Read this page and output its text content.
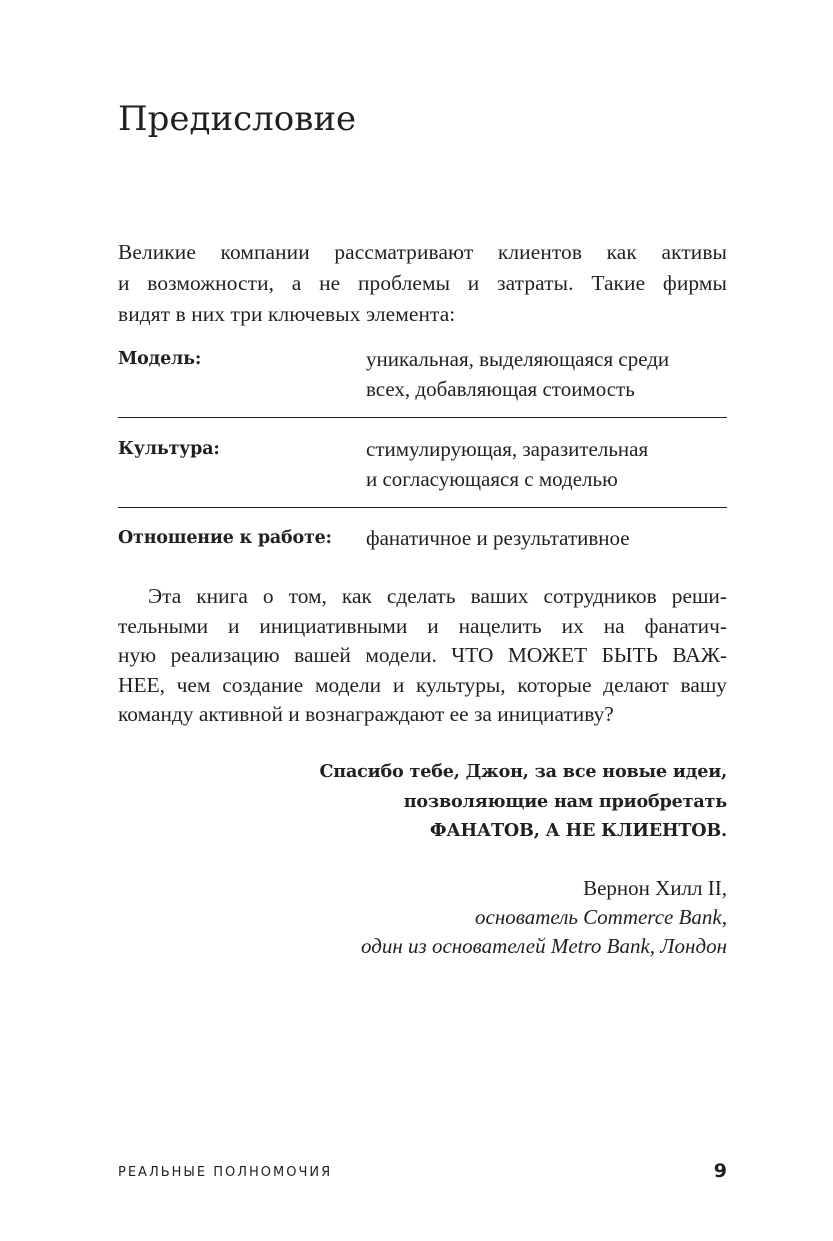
Предисловие

Великие компании рассматривают клиентов как активы
и возможности, а не проблемы и затраты. Такие фирмы
видят в них три ключевых элемента:

Модель:	уникальная, выделяющаяся среди
всех, добавляющая стоимость
Культура:	стимулирующая, заразительная
и согласующаяся с моделью
Отношение к работе:	фанатичное и результативное

Эта книга о том, как сделать ваших сотрудников реши-
тельными и инициативными и нацелить их на фанатич-
ную реализацию вашей модели. ЧТО МОЖЕТ БЫТЬ ВАЖ-
НЕЕ, чем создание модели и культуры, которые делают вашу
команду активной и вознаграждают ее за инициативу?

Спасибо тебе, Джон, за все новые идеи,
позволяющие нам приобретать
ФАНАТОВ, А НЕ КЛИЕНТОВ.

Вернон Хилл II,
основатель Commerce Bank,
один из основателей Metro Bank, Лондон
РЕАЛЬНЫЕ ПОЛНОМОЧИЯ	9
